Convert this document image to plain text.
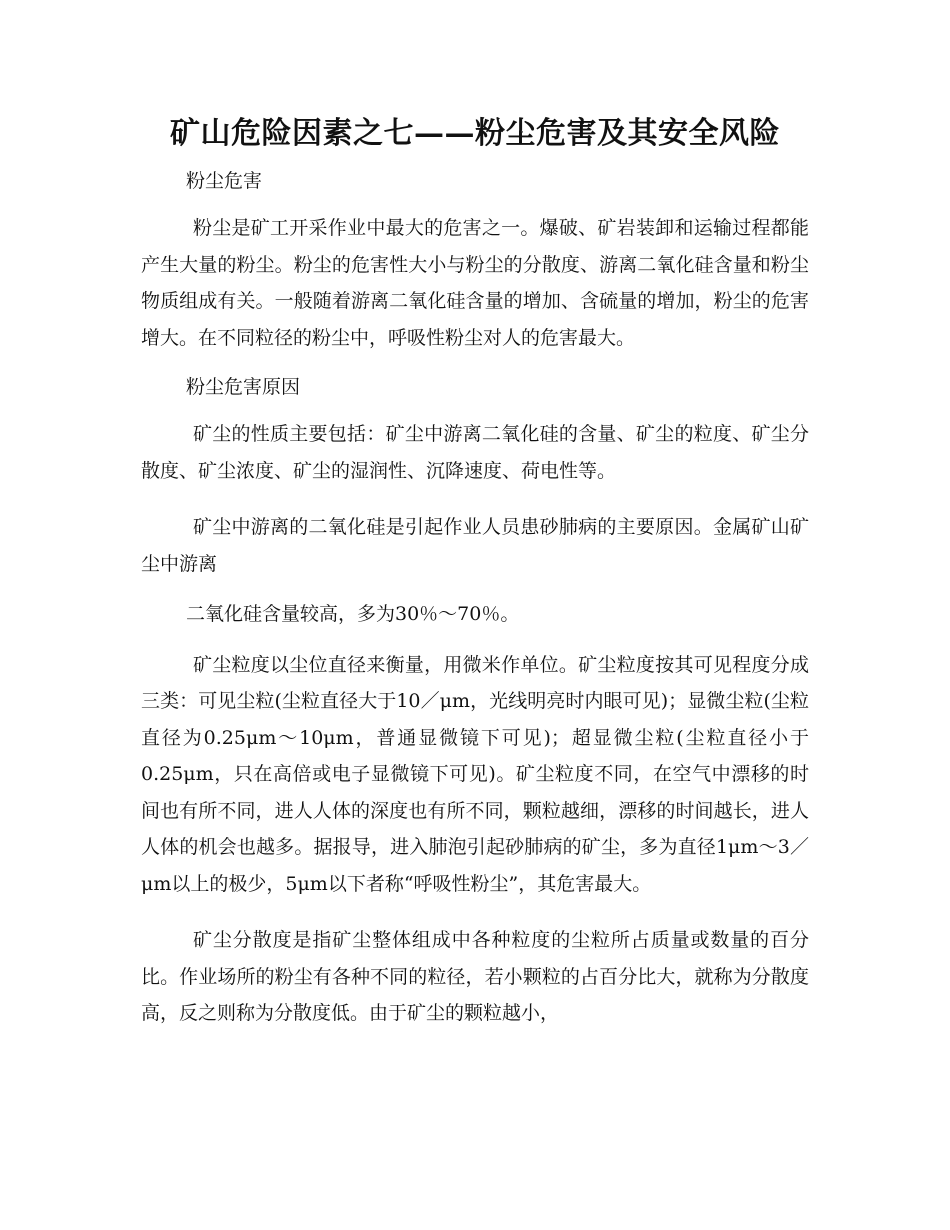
矿山危险因素之七——粉尘危害及其安全风险

粉尘危害

粉尘是矿工开采作业中最大的危害之一。爆破、矿岩装卸和运输过程都能产生大量的粉尘。粉尘的危害性大小与粉尘的分散度、游离二氧化硅含量和粉尘物质组成有关。一般随着游离二氧化硅含量的增加、含硫量的增加，粉尘的危害增大。在不同粒径的粉尘中，呼吸性粉尘对人的危害最大。

粉尘危害原因

矿尘的性质主要包括：矿尘中游离二氧化硅的含量、矿尘的粒度、矿尘分散度、矿尘浓度、矿尘的湿润性、沉降速度、荷电性等。

矿尘中游离的二氧化硅是引起作业人员患砂肺病的主要原因。金属矿山矿尘中游离

二氧化硅含量较高，多为30％～70％。

矿尘粒度以尘位直径来衡量，用微米作单位。矿尘粒度按其可见程度分成三类：可见尘粒(尘粒直径大于10／μm，光线明亮时内眼可见)；显微尘粒(尘粒直径为0.25μm～10μm，普通显微镜下可见)；超显微尘粒(尘粒直径小于0.25μm，只在高倍或电子显微镜下可见)。矿尘粒度不同，在空气中漂移的时间也有所不同，进人人体的深度也有所不同，颗粒越细，漂移的时间越长，进人人体的机会也越多。据报导，进入肺泡引起砂肺病的矿尘，多为直径1μm～3／μm以上的极少，5μm以下者称“呼吸性粉尘”，其危害最大。

矿尘分散度是指矿尘整体组成中各种粒度的尘粒所占质量或数量的百分比。作业场所的粉尘有各种不同的粒径，若小颗粒的占百分比大，就称为分散度高，反之则称为分散度低。由于矿尘的颗粒越小，
